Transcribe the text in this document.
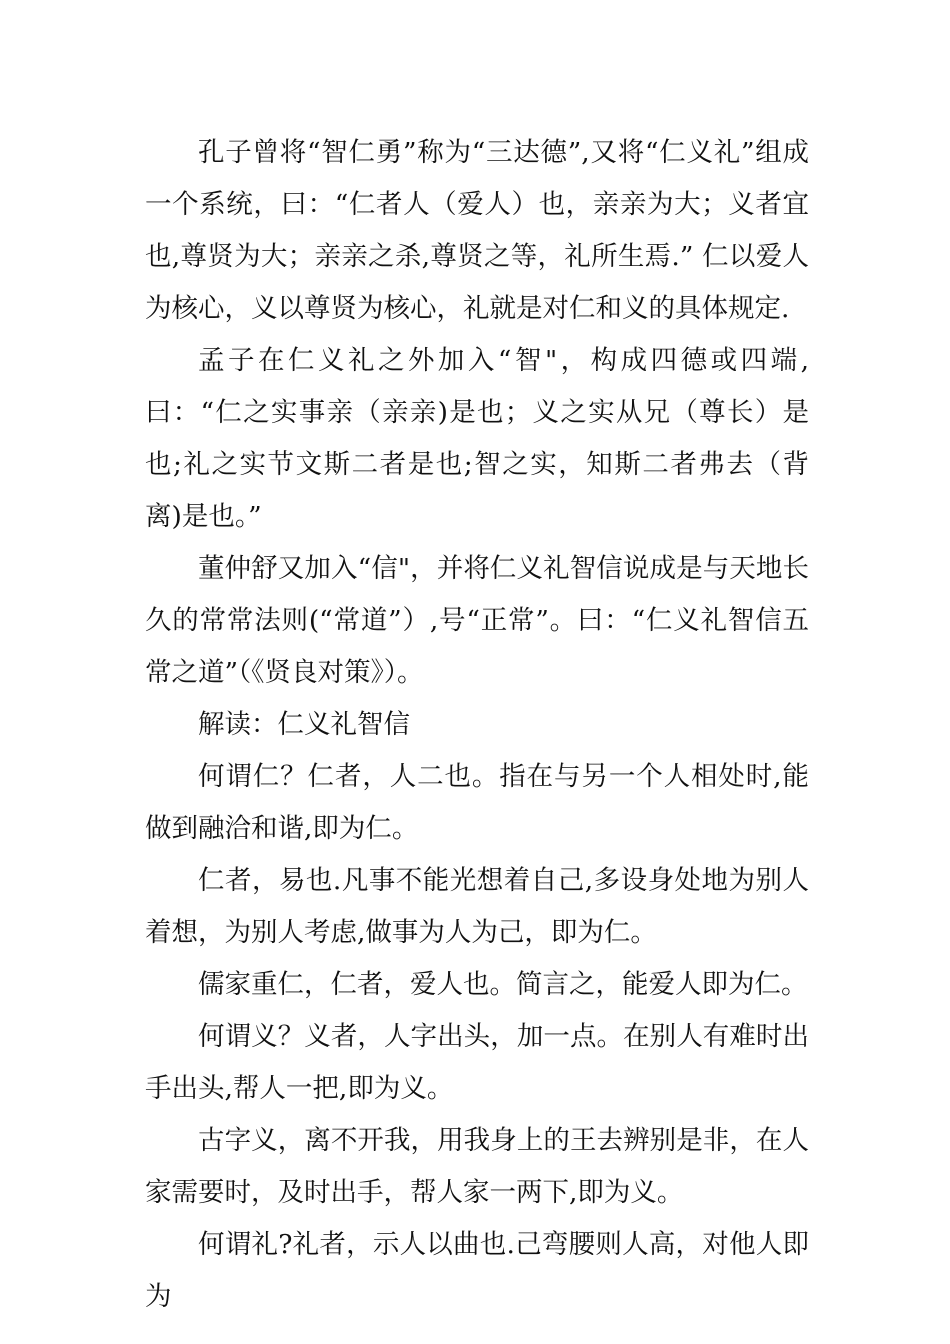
孔子曾将“智仁勇”称为“三达德”,又将“仁义礼”组成一个系统，曰：“仁者人（爱人）也，亲亲为大；义者宜也,尊贤为大；亲亲之杀,尊贤之等，礼所生焉.” 仁以爱人为核心，义以尊贤为核心，礼就是对仁和义的具体规定.

孟子在仁义礼之外加入“智"，构成四德或四端,曰：“仁之实事亲（亲亲)是也；义之实从兄（尊长）是也;礼之实节文斯二者是也;智之实，知斯二者弗去（背离)是也。”

董仲舒又加入“信"，并将仁义礼智信说成是与天地长久的常常法则(“常道”）,号“正常”。曰：“仁义礼智信五常之道”（《贤良对策》）。

解读：仁义礼智信

何谓仁？仁者，人二也。指在与另一个人相处时,能做到融洽和谐,即为仁。

仁者，易也.凡事不能光想着自己,多设身处地为别人着想，为别人考虑,做事为人为己，即为仁。

儒家重仁，仁者，爱人也。简言之，能爱人即为仁。

何谓义？义者，人字出头，加一点。在别人有难时出手出头,帮人一把,即为义。

古字义，离不开我，用我身上的王去辨别是非，在人家需要时，及时出手，帮人家一两下,即为义。

何谓礼?礼者，示人以曲也.己弯腰则人高，对他人即为
